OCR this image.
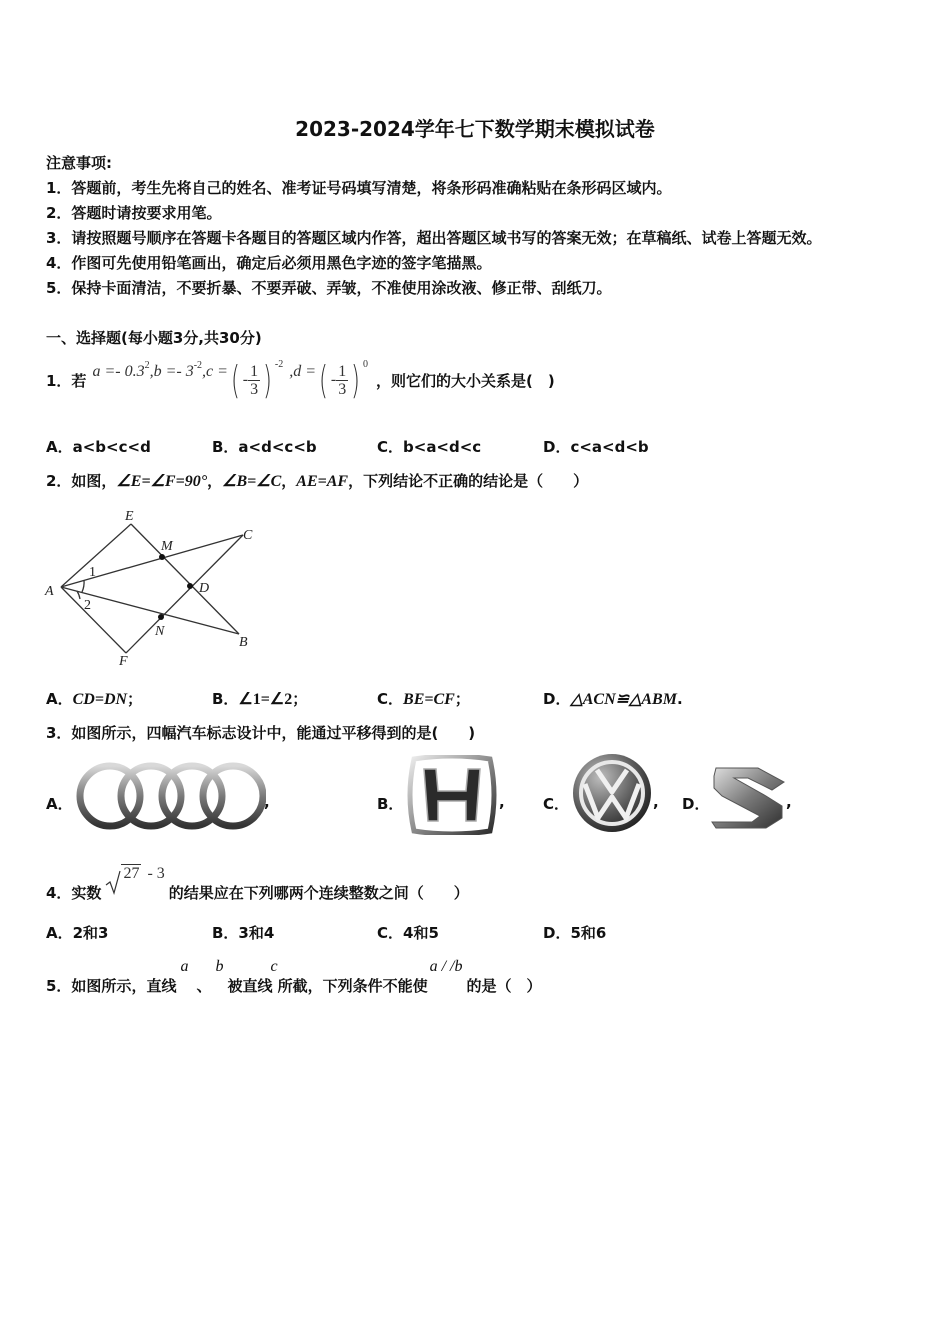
2023-2024学年七下数学期末模拟试卷
注意事项:
1．答题前，考生先将自己的姓名、准考证号码填写清楚，将条形码准确粘贴在条形码区域内。
2．答题时请按要求用笔。
3．请按照题号顺序在答题卡各题目的答题区域内作答，超出答题区域书写的答案无效；在草稿纸、试卷上答题无效。
4．作图可先使用铅笔画出，确定后必须用黑色字迹的签字笔描黑。
5．保持卡面清洁，不要折暴、不要弄破、弄皱，不准使用涂改液、修正带、刮纸刀。
一、选择题(每小题3分,共30分)
1．若 $a =- 0.3^2,b =- 3^{-2},c$ = ( - $\frac{1}{3}$ ) -2 ,d = ( - $\frac{1}{3}$ ) 0
，则它们的大小关系是(　)
A．a<b<c<d	B．a<d<c<b	C．b<a<d<c	D．c<a<d<b
2．如图，∠E=∠F=90°，∠B=∠C，AE=AF，下列结论不正确的结论是（　　）
E
M
C
A	D
1
2
N
B
F
A．CD=DN；	B．∠1=∠2；	C．BE=CF；	D．△ACN≌△ABM.
3．如图所示，四幅汽车标志设计中，能通过平移得到的是(　　)
A．	,	B．	,	C．	, D．	,
4．实数
27 - 3
的结果应在下列哪两个连续整数之间（　　）
A．2和3	B．3和4	C．4和5	D．5和6
5．如图所示，直线
a
、
b
被直线
c
所截，下列条件不能使
a / /b
的是（　）
